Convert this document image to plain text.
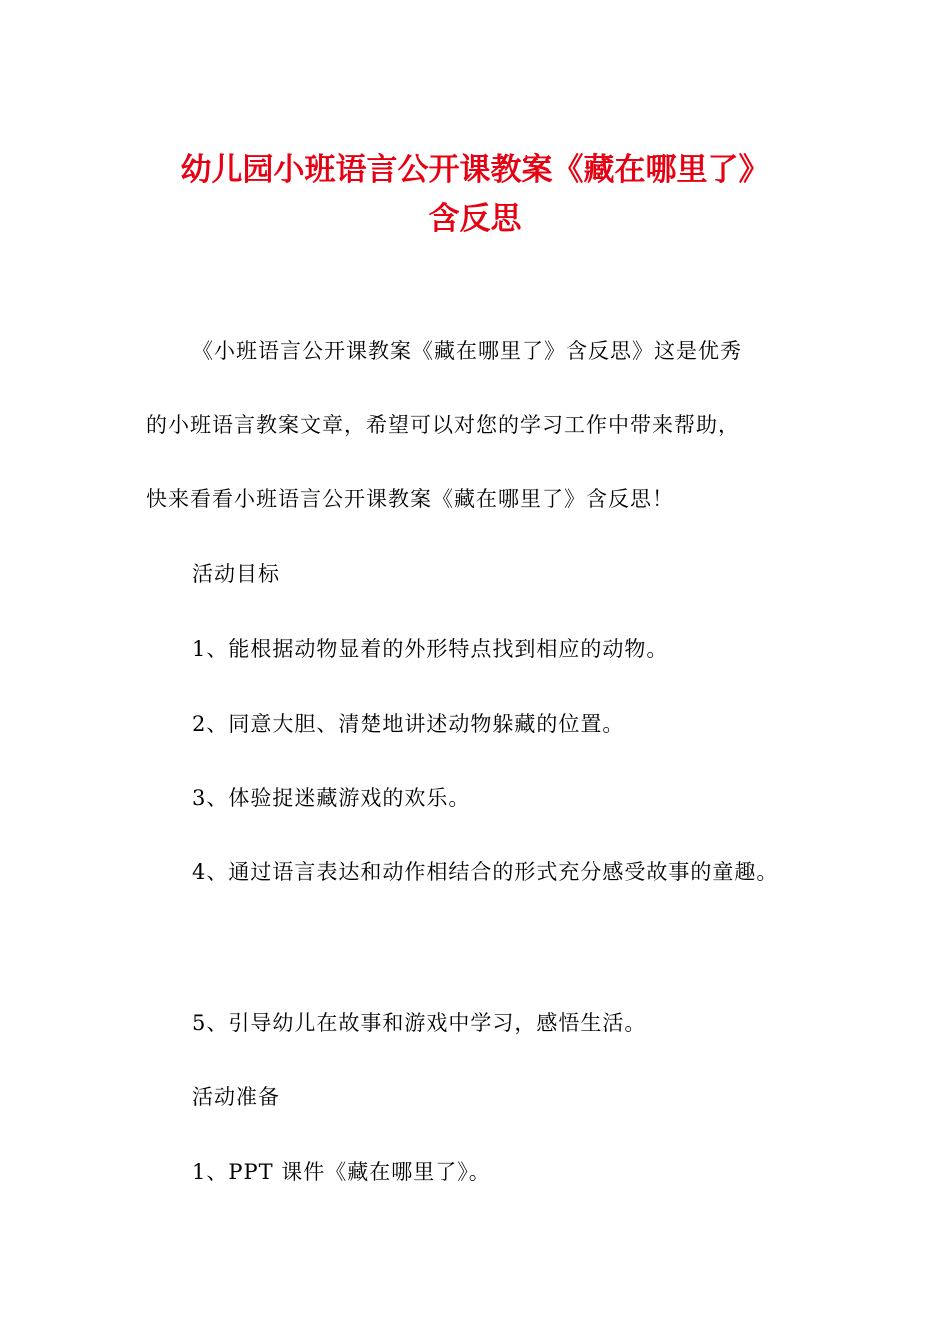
幼儿园小班语言公开课教案《藏在哪里了》
含反思

《小班语言公开课教案《藏在哪里了》含反思》这是优秀

的小班语言教案文章，希望可以对您的学习工作中带来帮助，

快来看看小班语言公开课教案《藏在哪里了》含反思！

活动目标

1、能根据动物显着的外形特点找到相应的动物。

2、同意大胆、清楚地讲述动物躲藏的位置。

3、体验捉迷藏游戏的欢乐。

4、通过语言表达和动作相结合的形式充分感受故事的童趣。

5、引导幼儿在故事和游戏中学习，感悟生活。

活动准备

1、PPT 课件《藏在哪里了》。
